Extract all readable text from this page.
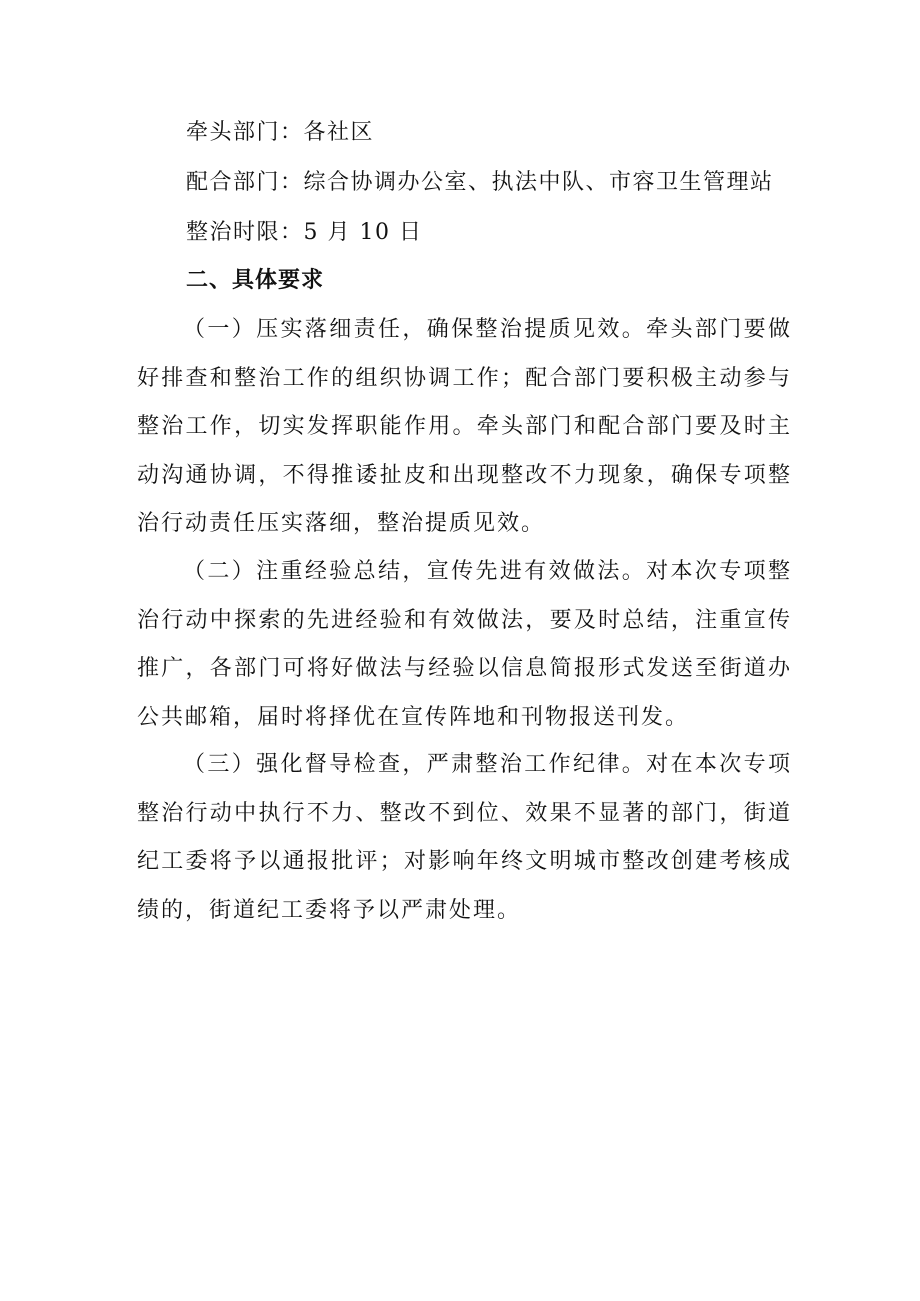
牵头部门：各社区
配合部门：综合协调办公室、执法中队、市容卫生管理站
整治时限：5 月 10 日
二、具体要求
（一）压实落细责任，确保整治提质见效。牵头部门要做好排查和整治工作的组织协调工作；配合部门要积极主动参与整治工作，切实发挥职能作用。牵头部门和配合部门要及时主动沟通协调，不得推诿扯皮和出现整改不力现象，确保专项整治行动责任压实落细，整治提质见效。
（二）注重经验总结，宣传先进有效做法。对本次专项整治行动中探索的先进经验和有效做法，要及时总结，注重宣传推广，各部门可将好做法与经验以信息简报形式发送至街道办公共邮箱，届时将择优在宣传阵地和刊物报送刊发。
（三）强化督导检查，严肃整治工作纪律。对在本次专项整治行动中执行不力、整改不到位、效果不显著的部门，街道纪工委将予以通报批评；对影响年终文明城市整改创建考核成绩的，街道纪工委将予以严肃处理。
